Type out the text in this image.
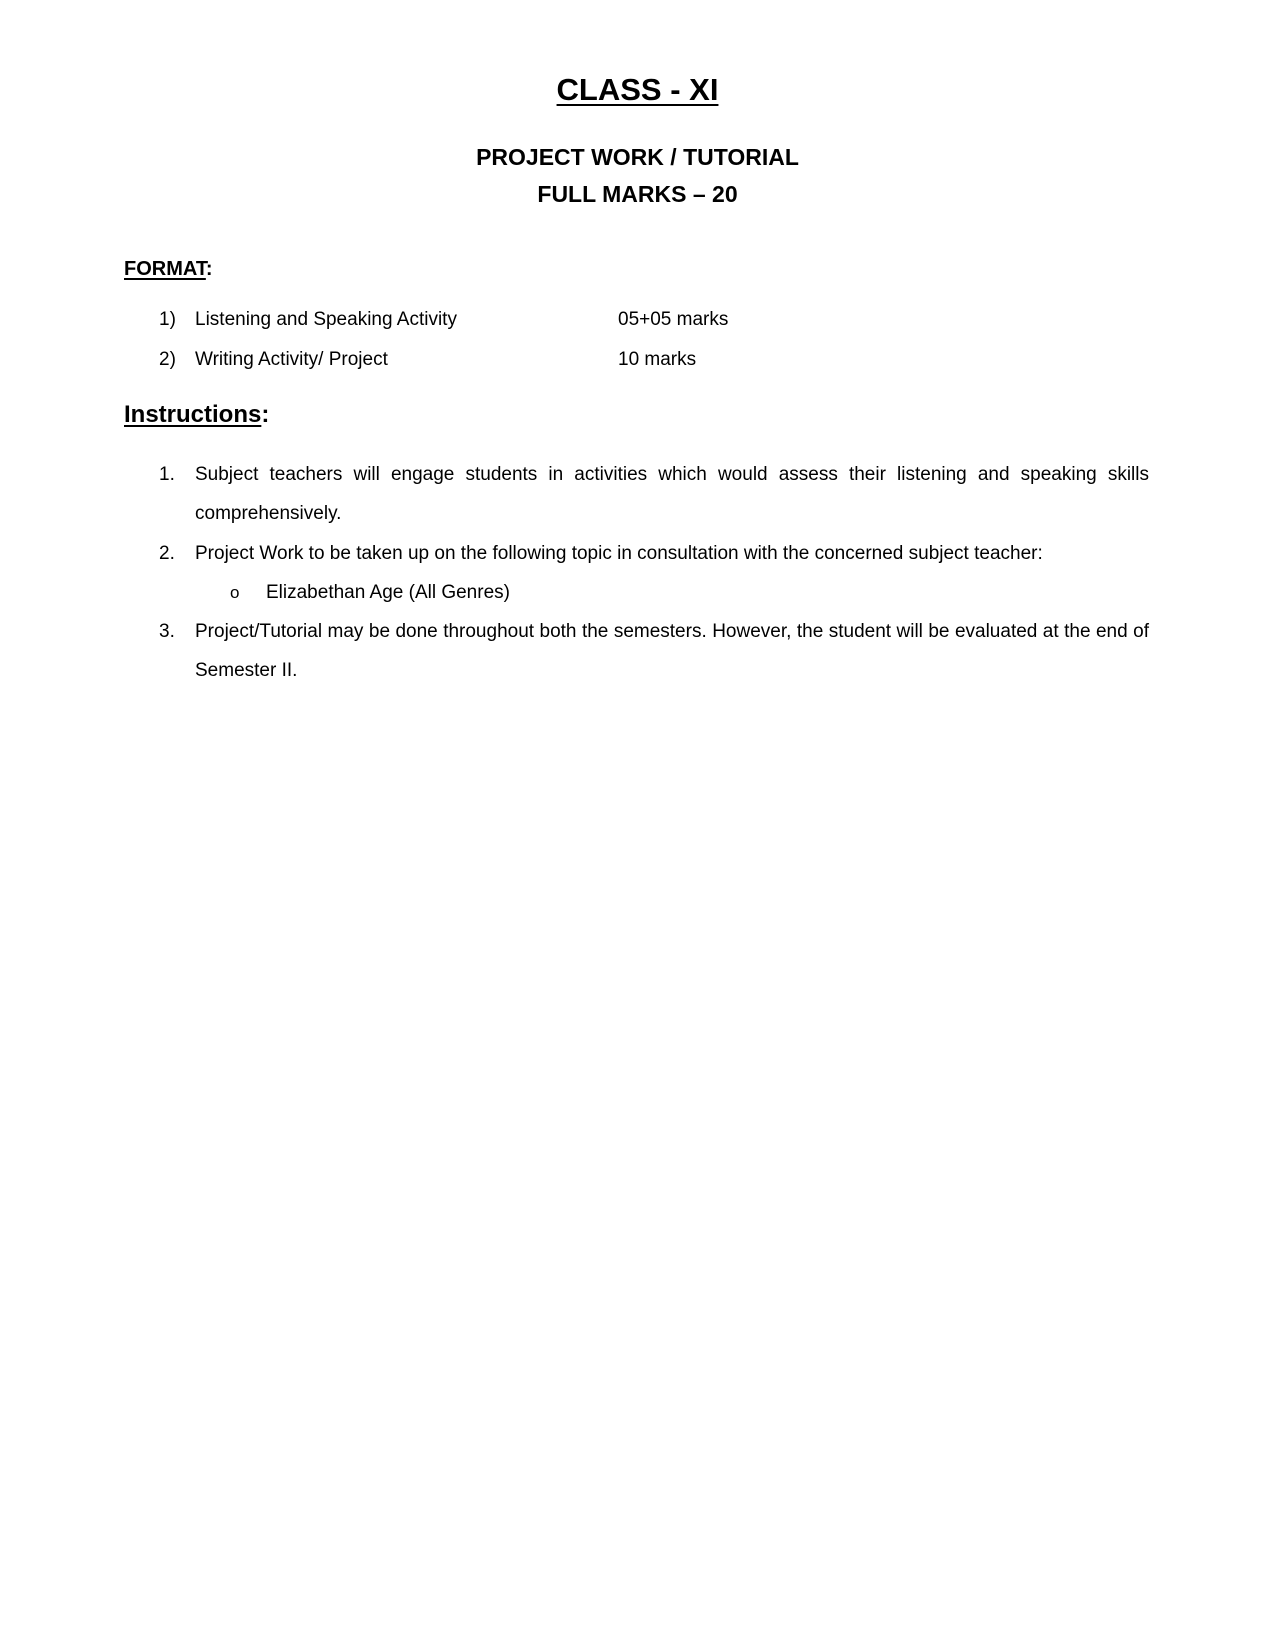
CLASS - XI
PROJECT WORK / TUTORIAL
FULL MARKS – 20
FORMAT:
1) Listening and Speaking Activity	05+05 marks
2) Writing Activity/ Project	10 marks
Instructions:
1. Subject teachers will engage students in activities which would assess their listening and speaking skills comprehensively.
2. Project Work to be taken up on the following topic in consultation with the concerned subject teacher:
o Elizabethan Age (All Genres)
3. Project/Tutorial may be done throughout both the semesters. However, the student will be evaluated at the end of Semester II.
